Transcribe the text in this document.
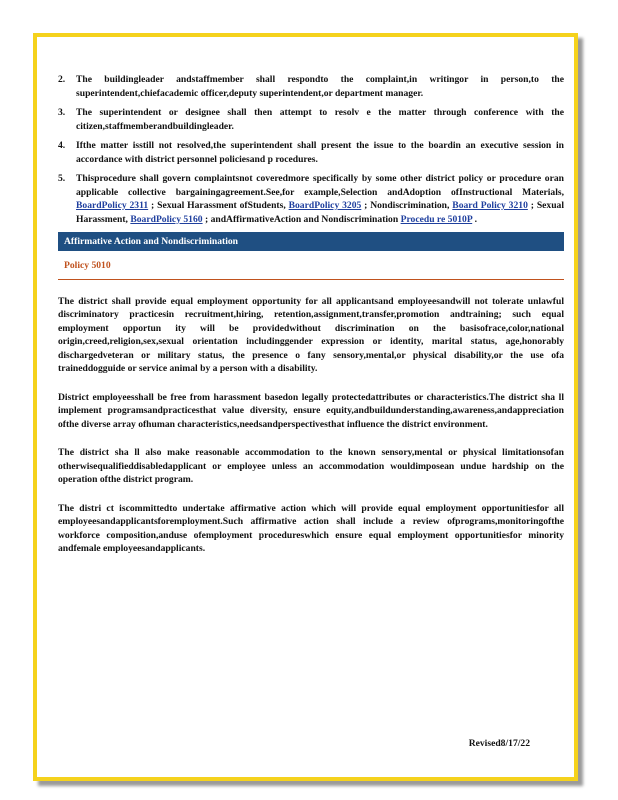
2.	The buildingleader andstaffmember shall respondto the complaint,in writingor in person,to the superintendent,chiefacademic officer,deputy superintendent,or department manager.
3.	The superintendent or designee shall then attempt to resolv e the matter through conference with the citizen,staffmemberandbuildingleader.
4.	Ifthe matter isstill not resolved,the superintendent shall present the issue to the boardin an executive session in accordance with district personnel policiesand p rocedures.
5.	Thisprocedure shall govern complaintsnot coveredmore specifically by some other district policy or procedure oran applicable collective bargainingagreement.See,for example,Selection andAdoption ofInstructional Materials, BoardPolicy 2311 ; Sexual Harassment ofStudents, BoardPolicy 3205 ; Nondiscrimination, Board Policy 3210 ; Sexual Harassment, BoardPolicy 5160 ; andAffirmativeAction and Nondiscrimination Procedu re 5010P .
Affirmative Action and Nondiscrimination
Policy 5010

The district shall provide equal employment opportunity for all applicantsand employeesandwill not tolerate unlawful discriminatory practicesin recruitment,hiring, retention,assignment,transfer,promotion andtraining; such equal employment opportun ity will be providedwithout discrimination on the basisofrace,color,national origin,creed,religion,sex,sexual orientation includinggender expression or identity, marital status, age,honorably dischargedveteran or military status, the presence o fany sensory,mental,or physical disability,or the use ofa traineddogguide or service animal by a person with a disability.

District employeesshall be free from harassment basedon legally protectedattributes or characteristics.The district sha ll implement programsandpracticesthat value diversity, ensure equity,andbuildunderstanding,awareness,andappreciation ofthe diverse array ofhuman characteristics,needsandperspectivesthat influence the district environment.

The district sha ll also make reasonable accommodation to the known sensory,mental or physical limitationsofan otherwisequalifieddisabledapplicant or employee unless an accommodation wouldimposean undue hardship on the operation ofthe district program.

The distri ct iscommittedto undertake affirmative action which will provide equal employment opportunitiesfor all employeesandapplicantsforemployment.Such affirmative action shall include a review ofprograms,monitoringofthe workforce composition,anduse ofemployment procedureswhich ensure equal employment opportunitiesfor minority andfemale employeesandapplicants.

Revised8/17/22
